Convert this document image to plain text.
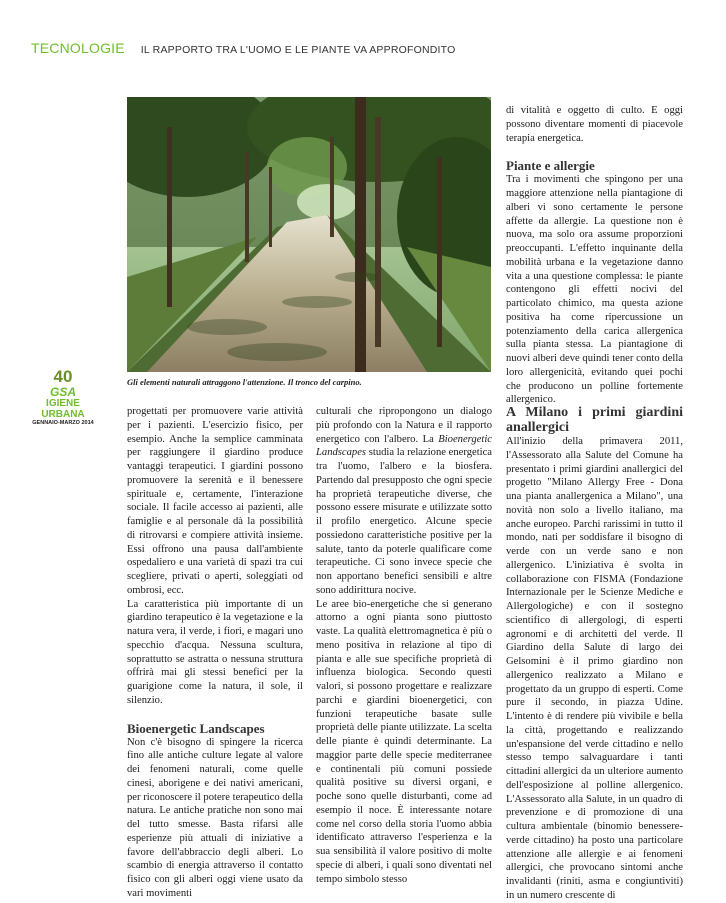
TECNOLOGIE IL RAPPORTO TRA L'UOMO E LE PIANTE VA APPROFONDITO
Gli elementi naturali attraggono l'attenzione. Il tronco del carpino.
40
GSA
IGIENE URBANA
GENNAIO-MARZO 2014

progettati per promuovere varie attività per i pazienti. L'esercizio fisico, per esempio. Anche la semplice camminata per raggiungere il giardino produce vantaggi terapeutici. I giardini possono promuovere la serenità e il benessere spirituale e, certamente, l'interazione sociale. Il facile accesso ai pazienti, alle famiglie e al personale dà la possibilità di ritrovarsi e compiere attività insieme. Essi offrono una pausa dall'ambiente ospedaliero e una varietà di spazi tra cui scegliere, privati o aperti, soleggiati od ombrosi, ecc.

La caratteristica più importante di un giardino terapeutico è la vegetazione e la natura vera, il verde, i fiori, e magari uno specchio d'acqua. Nessuna scultura, soprattutto se astratta o nessuna struttura offrirà mai gli stessi benefici per la guarigione come la natura, il sole, il silenzio.

Bioenergetic Landscapes

Non c'è bisogno di spingere la ricerca fino alle antiche culture legate al valore dei fenomeni naturali, come quelle cinesi, aborigene e dei nativi americani, per riconoscere il potere terapeutico della natura. Le antiche pratiche non sono mai del tutto smesse. Basta rifarsi alle esperienze più attuali di iniziative a favore dell'abbraccio degli alberi. Lo scambio di energia attraverso il contatto fisico con gli alberi oggi viene usato da vari movimenti

culturali che ripropongono un dialogo più profondo con la Natura e il rapporto energetico con l'albero. La Bioenergetic Landscapes studia la relazione energetica tra l'uomo, l'albero e la biosfera. Partendo dal presupposto che ogni specie ha proprietà terapeutiche diverse, che possono essere misurate e utilizzate sotto il profilo energetico. Alcune specie possiedono caratteristiche positive per la salute, tanto da poterle qualificare come terapeutiche. Ci sono invece specie che non apportano benefici sensibili e altre sono addirittura nocive.

Le aree bio-energetiche che si generano attorno a ogni pianta sono piuttosto vaste. La qualità elettromagnetica è più o meno positiva in relazione al tipo di pianta e alle sue specifiche proprietà di influenza biologica. Secondo questi valori, si possono progettare e realizzare parchi e giardini bioenergetici, con funzioni terapeutiche basate sulle proprietà delle piante utilizzate. La scelta delle piante è quindi determinante. La maggior parte delle specie mediterranee e continentali più comuni possiede qualità positive su diversi organi, e poche sono quelle disturbanti, come ad esempio il noce. È interessante notare come nel corso della storia l'uomo abbia identificato attraverso l'esperienza e la sua sensibilità il valore positivo di molte specie di alberi, i quali sono diventati nel tempo simbolo stesso

di vitalità e oggetto di culto. E oggi possono diventare momenti di piacevole terapia energetica.

Piante e allergie

Tra i movimenti che spingono per una maggiore attenzione nella piantagione di alberi vi sono certamente le persone affette da allergie. La questione non è nuova, ma solo ora assume proporzioni preoccupanti. L'effetto inquinante della mobilità urbana e la vegetazione danno vita a una questione complessa: le piante contengono gli effetti nocivi del particolato chimico, ma questa azione positiva ha come ripercussione un potenziamento della carica allergenica sulla pianta stessa. La piantagione di nuovi alberi deve quindi tener conto della loro allergenicità, evitando quei pochi che producono un polline fortemente allergenico.

A Milano i primi giardini anallergici

All'inizio della primavera 2011, l'Assessorato alla Salute del Comune ha presentato i primi giardini anallergici del progetto "Milano Allergy Free - Dona una pianta anallergenica a Milano", una novità non solo a livello italiano, ma anche europeo. Parchi rarissimi in tutto il mondo, nati per soddisfare il bisogno di verde con un verde sano e non allergenico. L'iniziativa è svolta in collaborazione con FISMA (Fondazione Internazionale per le Scienze Mediche e Allergologiche) e con il sostegno scientifico di allergologi, di esperti agronomi e di architetti del verde. Il Giardino della Salute di largo dei Gelsomini è il primo giardino non allergenico realizzato a Milano e progettato da un gruppo di esperti. Come pure il secondo, in piazza Udine. L'intento è di rendere più vivibile e bella la città, progettando e realizzando un'espansione del verde cittadino e nello stesso tempo salvaguardare i tanti cittadini allergici da un ulteriore aumento dell'esposizione al polline allergenico. L'Assessorato alla Salute, in un quadro di prevenzione e di promozione di una cultura ambientale (binomio benessere-verde cittadino) ha posto una particolare attenzione alle allergie e ai fenomeni allergici, che provocano sintomi anche invalidanti (riniti, asma e congiuntiviti) in un numero crescente di
